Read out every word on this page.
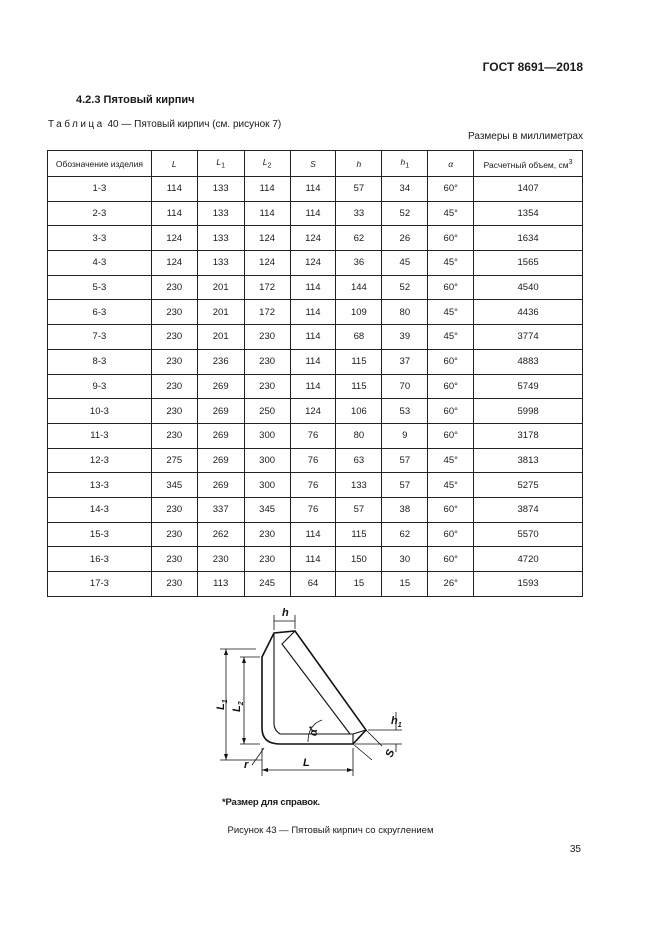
ГОСТ 8691—2018
4.2.3 Пятовый кирпич
Таблица 40 — Пятовый кирпич (см. рисунок 7)
Размеры в миллиметрах
Обозначение изделия	L	$L_1$	$L_2$	S	h	$h_1$	α	Расчетный объем, $см^3$
1-3	114	133	114	114	57	34	60°	1407
2-3	114	133	114	114	33	52	45°	1354
3-3	124	133	124	124	62	26	60°	1634
4-3	124	133	124	124	36	45	45°	1565
5-3	230	201	172	114	144	52	60°	4540
6-3	230	201	172	114	109	80	45°	4436
7-3	230	201	230	114	68	39	45°	3774
8-3	230	236	230	114	115	37	60°	4883
9-3	230	269	230	114	115	70	60°	5749
10-3	230	269	250	124	106	53	60°	5998
11-3	230	269	300	76	80	9	60°	3178
12-3	275	269	300	76	63	57	45°	3813
13-3	345	269	300	76	133	57	45°	5275
14-3	230	337	345	76	57	38	60°	3874
15-3	230	262	230	114	115	62	60°	5570
16-3	230	230	230	114	150	30	60°	4720
17-3	230	113	245	64	15	15	26°	1593
h
$L_1$
$L_2$
α*
$h_1$
S
L
r
*Размер для справок.
Рисунок 43 — Пятовый кирпич со скруглением
35
